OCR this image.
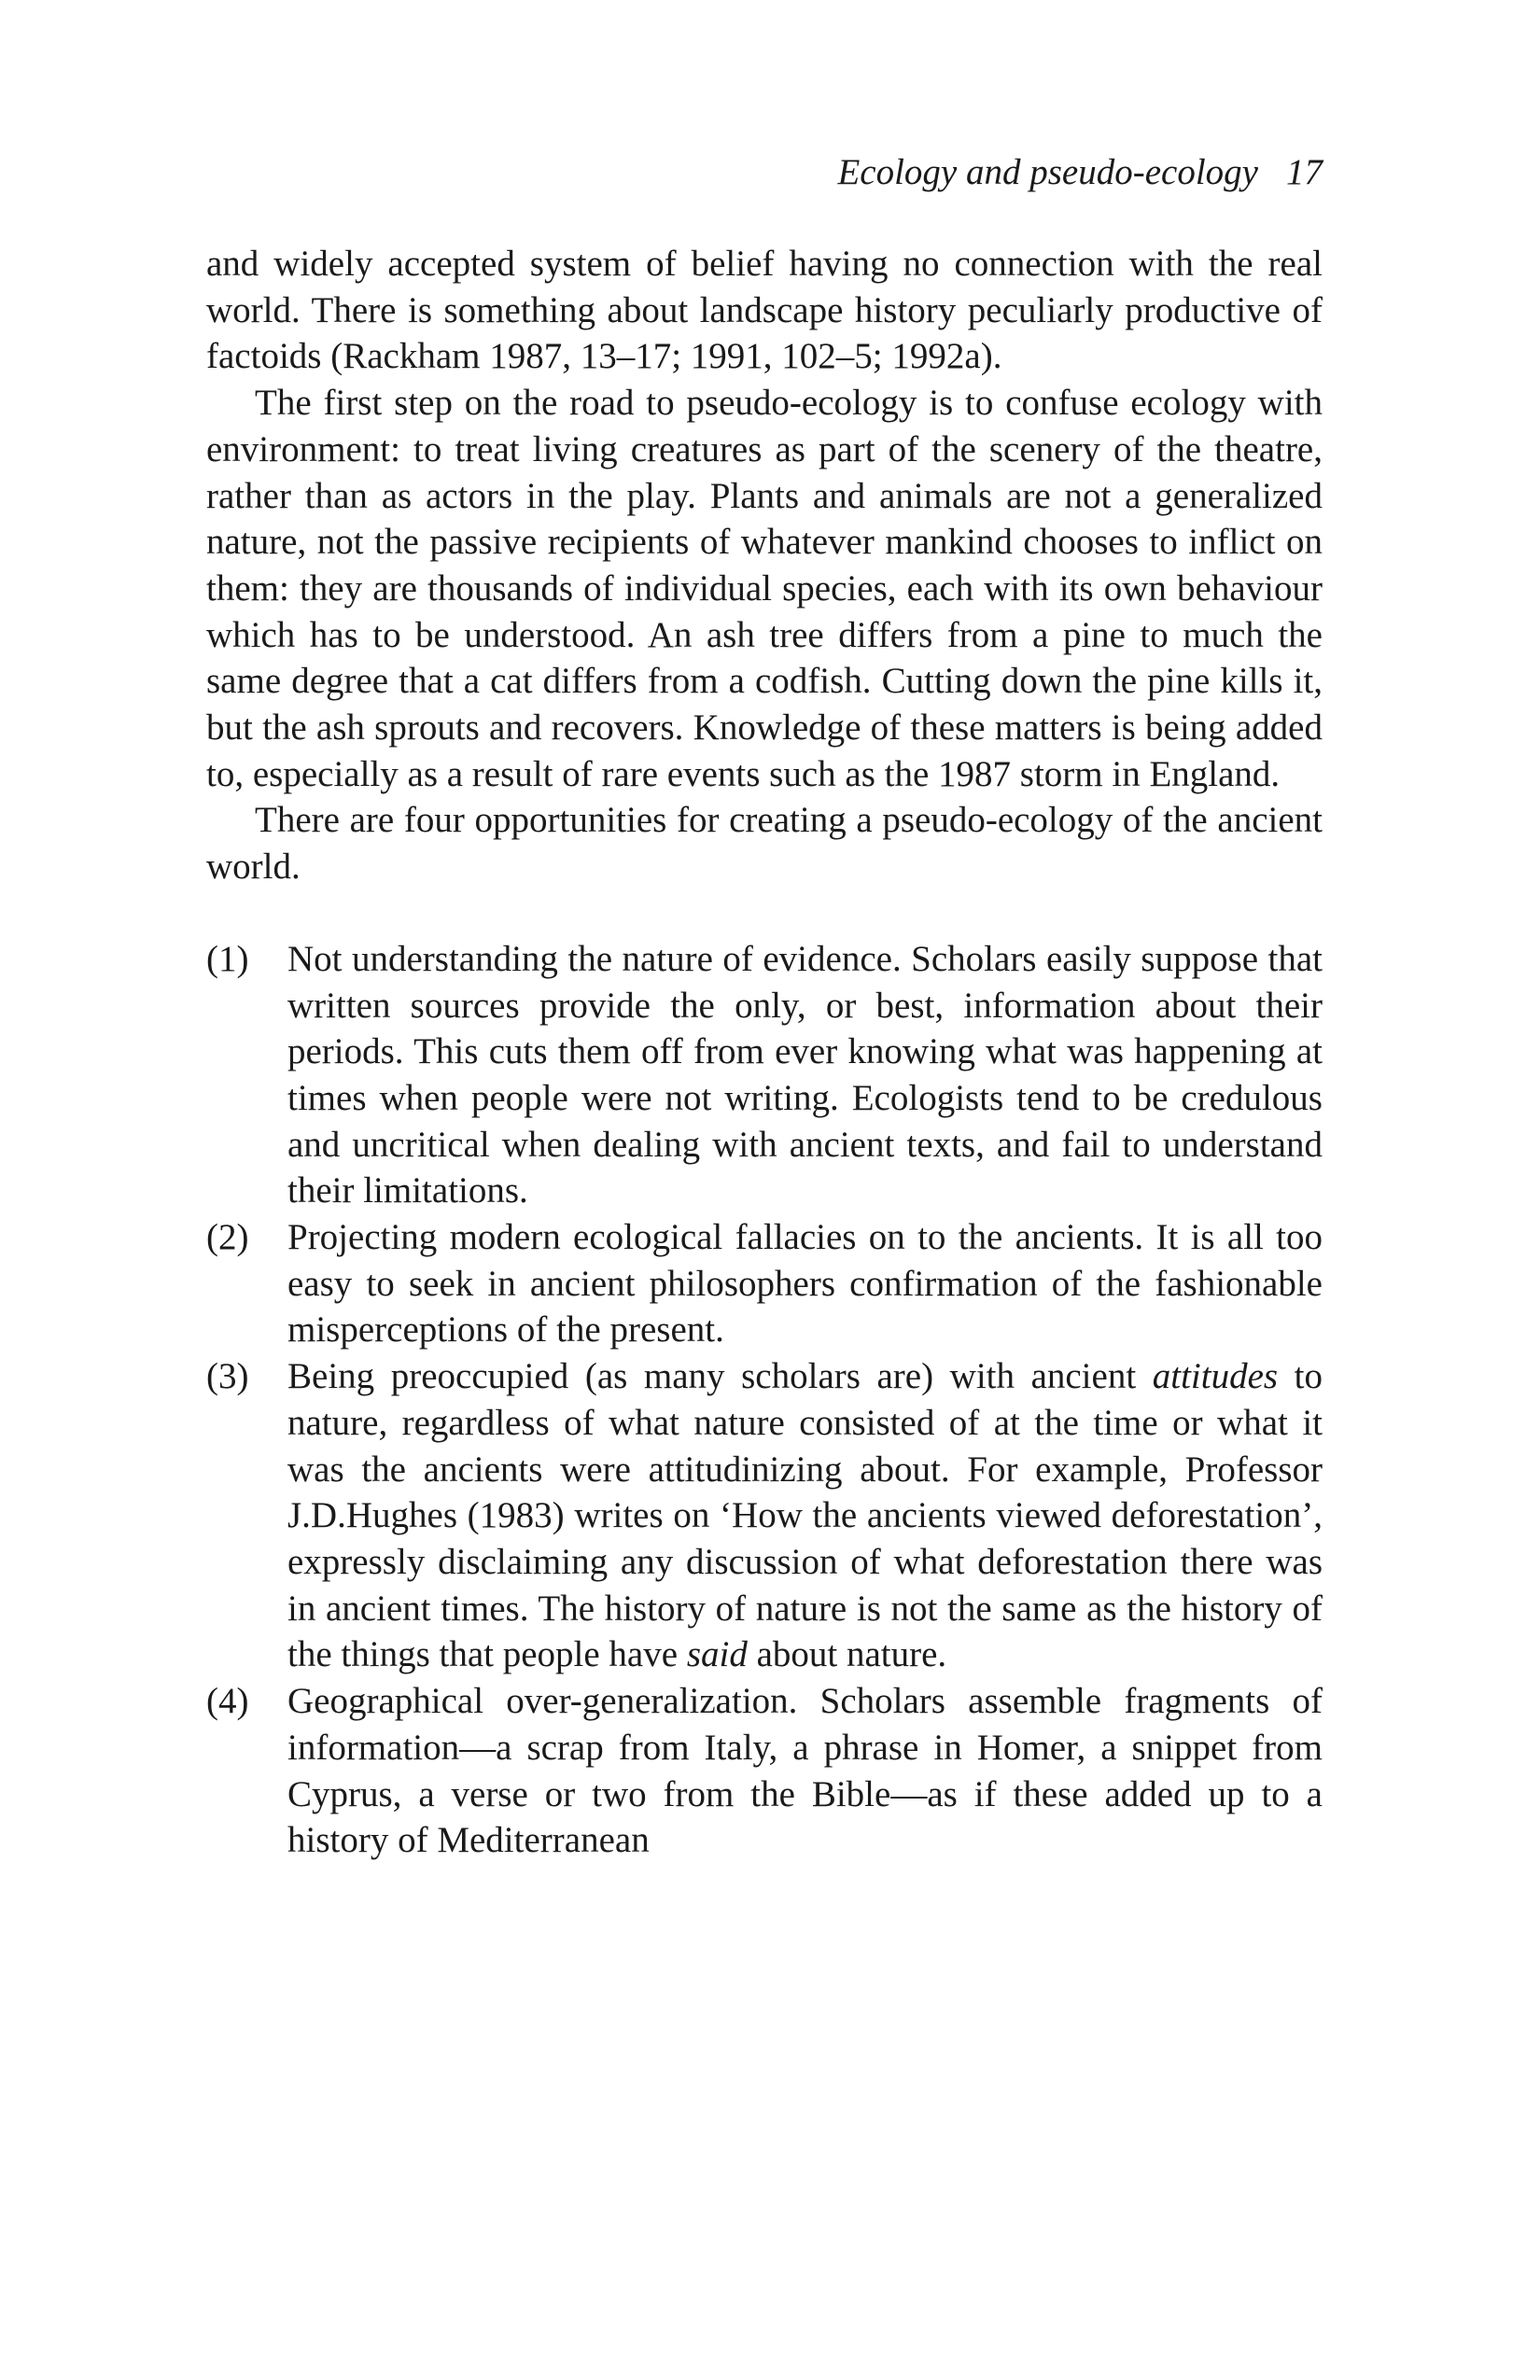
Ecology and pseudo-ecology 17

and widely accepted system of belief having no connection with the real world. There is something about landscape history peculiarly productive of factoids (Rackham 1987, 13–17; 1991, 102–5; 1992a).

The first step on the road to pseudo-ecology is to confuse ecology with environment: to treat living creatures as part of the scenery of the theatre, rather than as actors in the play. Plants and animals are not a generalized nature, not the passive recipients of whatever mankind chooses to inflict on them: they are thousands of individual species, each with its own behaviour which has to be understood. An ash tree differs from a pine to much the same degree that a cat differs from a codfish. Cutting down the pine kills it, but the ash sprouts and recovers. Knowledge of these matters is being added to, especially as a result of rare events such as the 1987 storm in England.

There are four opportunities for creating a pseudo-ecology of the ancient world.

(1) Not understanding the nature of evidence. Scholars easily suppose that written sources provide the only, or best, information about their periods. This cuts them off from ever knowing what was happening at times when people were not writing. Ecologists tend to be credulous and uncritical when dealing with ancient texts, and fail to understand their limitations.
(2) Projecting modern ecological fallacies on to the ancients. It is all too easy to seek in ancient philosophers confirmation of the fashionable misperceptions of the present.
(3) Being preoccupied (as many scholars are) with ancient attitudes to nature, regardless of what nature consisted of at the time or what it was the ancients were attitudinizing about. For example, Professor J.D.Hughes (1983) writes on ‘How the ancients viewed deforestation’, expressly disclaiming any discussion of what deforestation there was in ancient times. The history of nature is not the same as the history of the things that people have said about nature.
(4) Geographical over-generalization. Scholars assemble fragments of information—a scrap from Italy, a phrase in Homer, a snippet from Cyprus, a verse or two from the Bible—as if these added up to a history of Mediterranean
